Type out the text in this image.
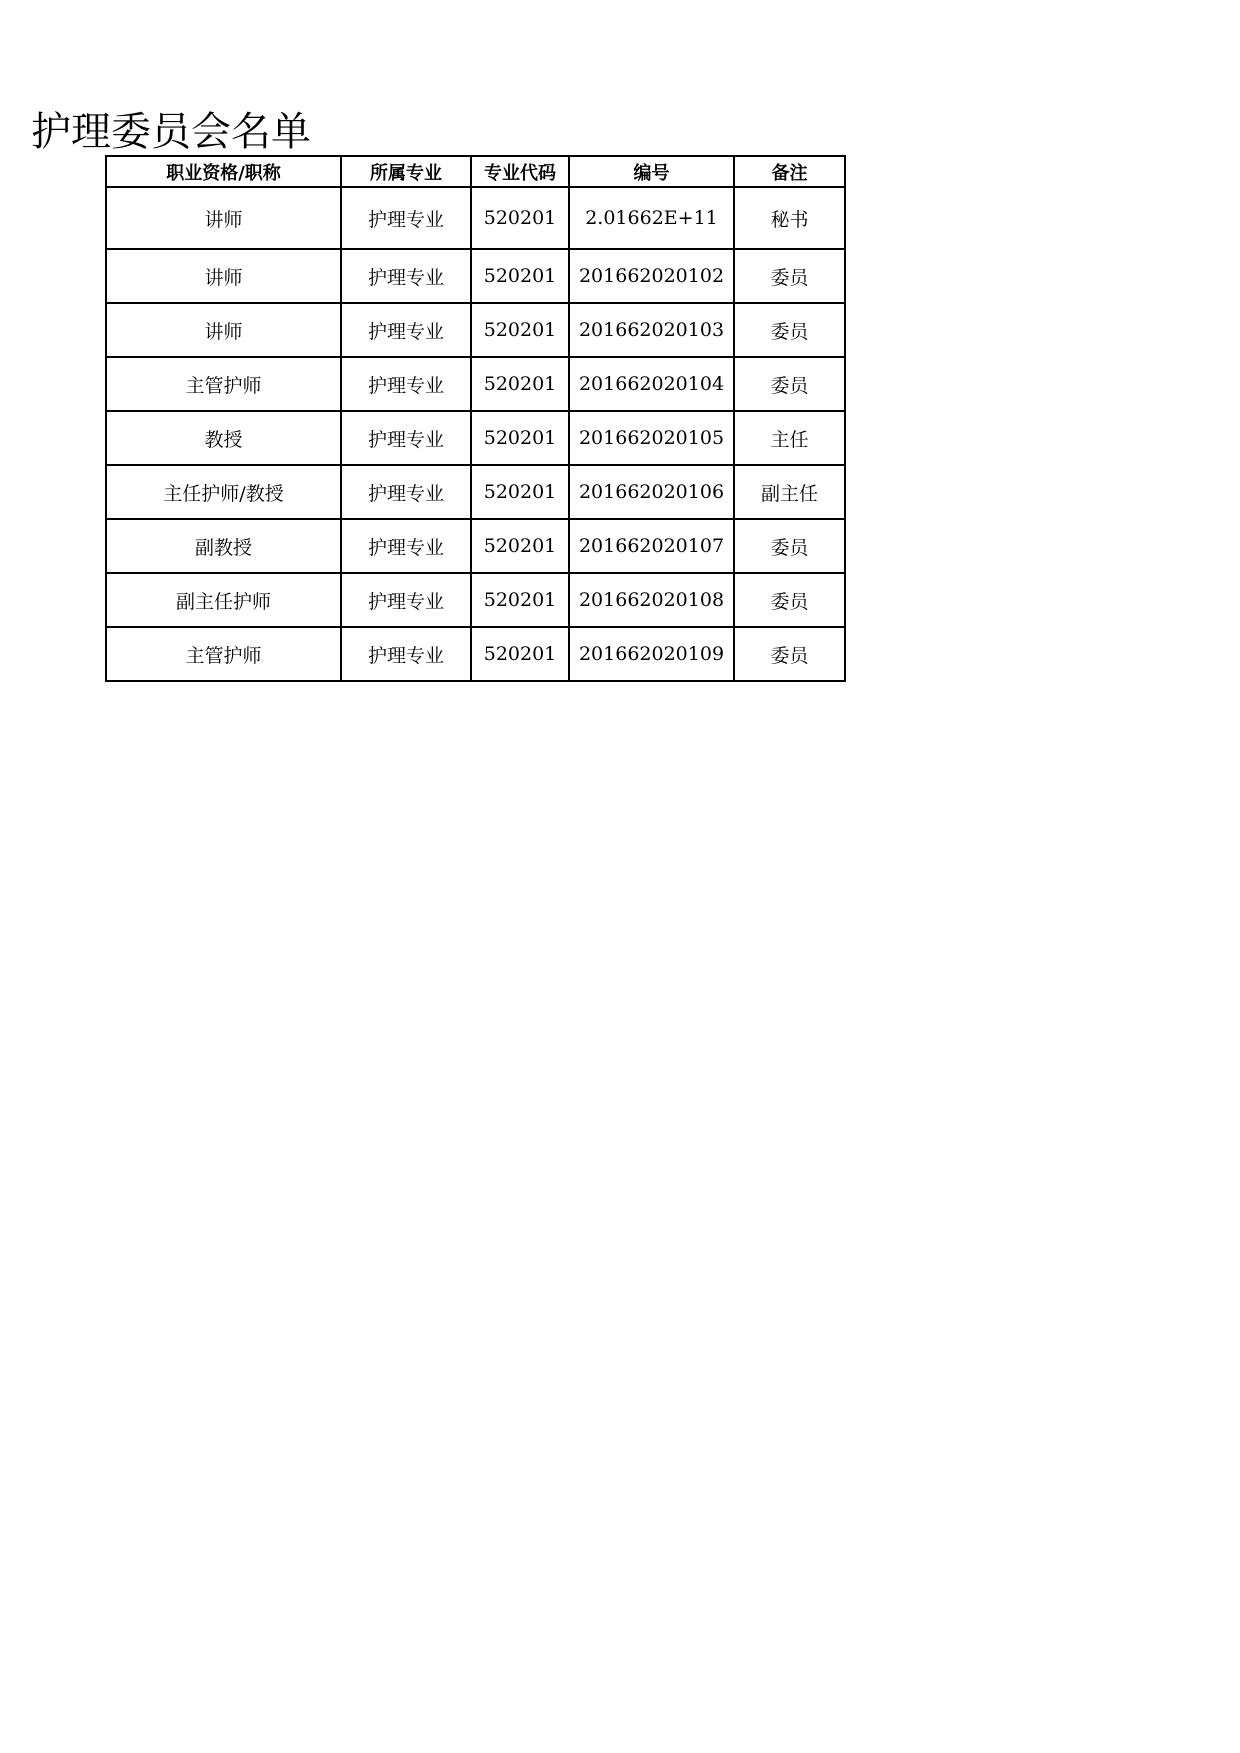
护理委员会名单
职业资格/职称	所属专业	专业代码	编号	备注
讲师	护理专业	520201	2.01662E+11	秘书
讲师	护理专业	520201	201662020102	委员
讲师	护理专业	520201	201662020103	委员
主管护师	护理专业	520201	201662020104	委员
教授	护理专业	520201	201662020105	主任
主任护师/教授	护理专业	520201	201662020106	副主任
副教授	护理专业	520201	201662020107	委员
副主任护师	护理专业	520201	201662020108	委员
主管护师	护理专业	520201	201662020109	委员
